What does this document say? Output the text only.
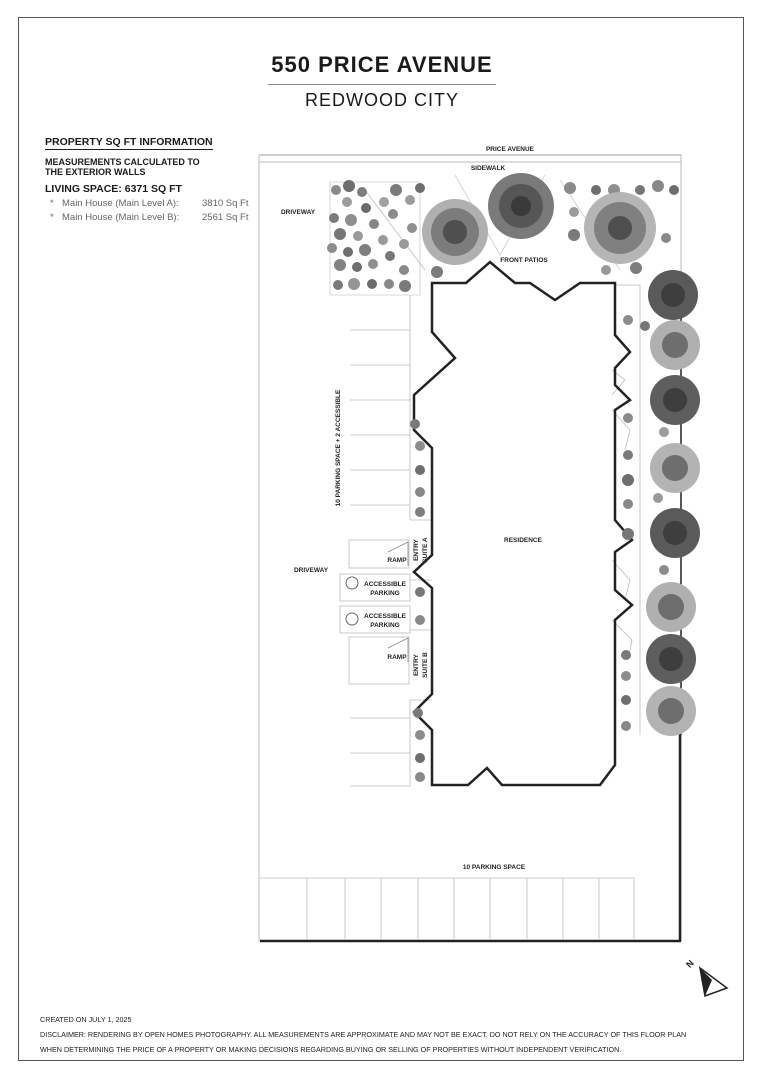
550 PRICE AVENUE
REDWOOD CITY
PROPERTY SQ FT INFORMATION
MEASUREMENTS CALCULATED TO THE EXTERIOR WALLS
LIVING SPACE: 6371 SQ FT
* Main House (Main Level A):	3810 Sq Ft
* Main House (Main Level B):	2561 Sq Ft
PRICE AVENUE
SIDEWALK
DRIVEWAY
FRONT PATIOS
10 PARKING SPACE + 2 ACCESSIBLE
RAMP
RAMP
ENTRY SUITE A
ENTRY SUITE B
ACCESSIBLE
PARKING
ACCESSIBLE
PARKING
DRIVEWAY
RESIDENCE
10 PARKING SPACE
N
CREATED ON JULY 1, 2025
DISCLAIMER: RENDERING BY OPEN HOMES PHOTOGRAPHY. ALL MEASUREMENTS ARE APPROXIMATE AND MAY NOT BE EXACT. DO NOT RELY ON THE ACCURACY OF THIS FLOOR PLAN
WHEN DETERMINING THE PRICE OF A PROPERTY OR MAKING DECISIONS REGARDING BUYING OR SELLING OF PROPERTIES WITHOUT INDEPENDENT VERIFICATION.
